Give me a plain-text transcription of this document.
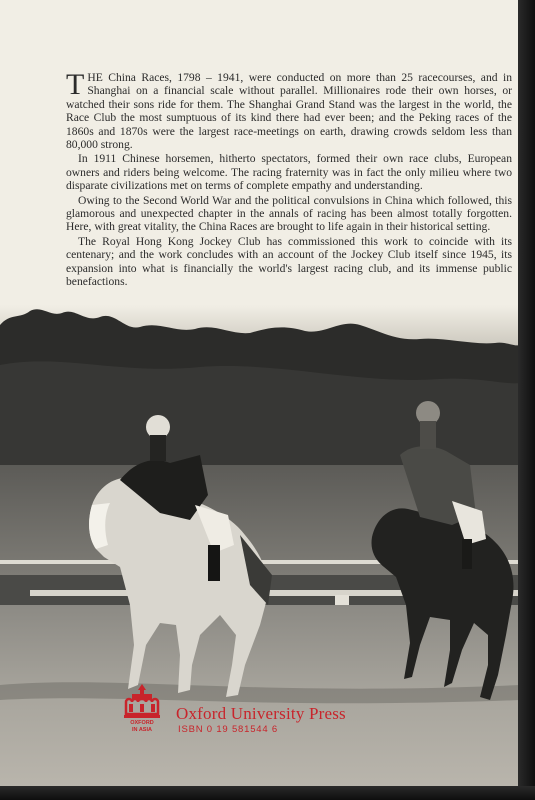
THE China Races, 1798 – 1941, were conducted on more than 25 racecourses, and in Shanghai on a financial scale without parallel. Millionaires rode their own horses, or watched their sons ride for them. The Shanghai Grand Stand was the largest in the world, the Race Club the most sumptuous of its kind there had ever been; and the Peking races of the 1860s and 1870s were the largest race-meetings on earth, drawing crowds seldom less than 80,000 strong.

In 1911 Chinese horsemen, hitherto spectators, formed their own race clubs, European owners and riders being welcome. The racing fraternity was in fact the only milieu where two disparate civilizations met on terms of complete empathy and understanding.

Owing to the Second World War and the political convulsions in China which followed, this glamorous and unexpected chapter in the annals of racing has been almost totally forgotten. Here, with great vitality, the China Races are brought to life again in their historical setting.

The Royal Hong Kong Jockey Club has commissioned this work to coincide with its centenary; and the work concludes with an account of the Jockey Club itself since 1945, its expansion into what is financially the world's largest racing club, and its immense public benefactions.

OXFORD
IN ASIA
Oxford University Press
ISBN 0 19 581544 6
